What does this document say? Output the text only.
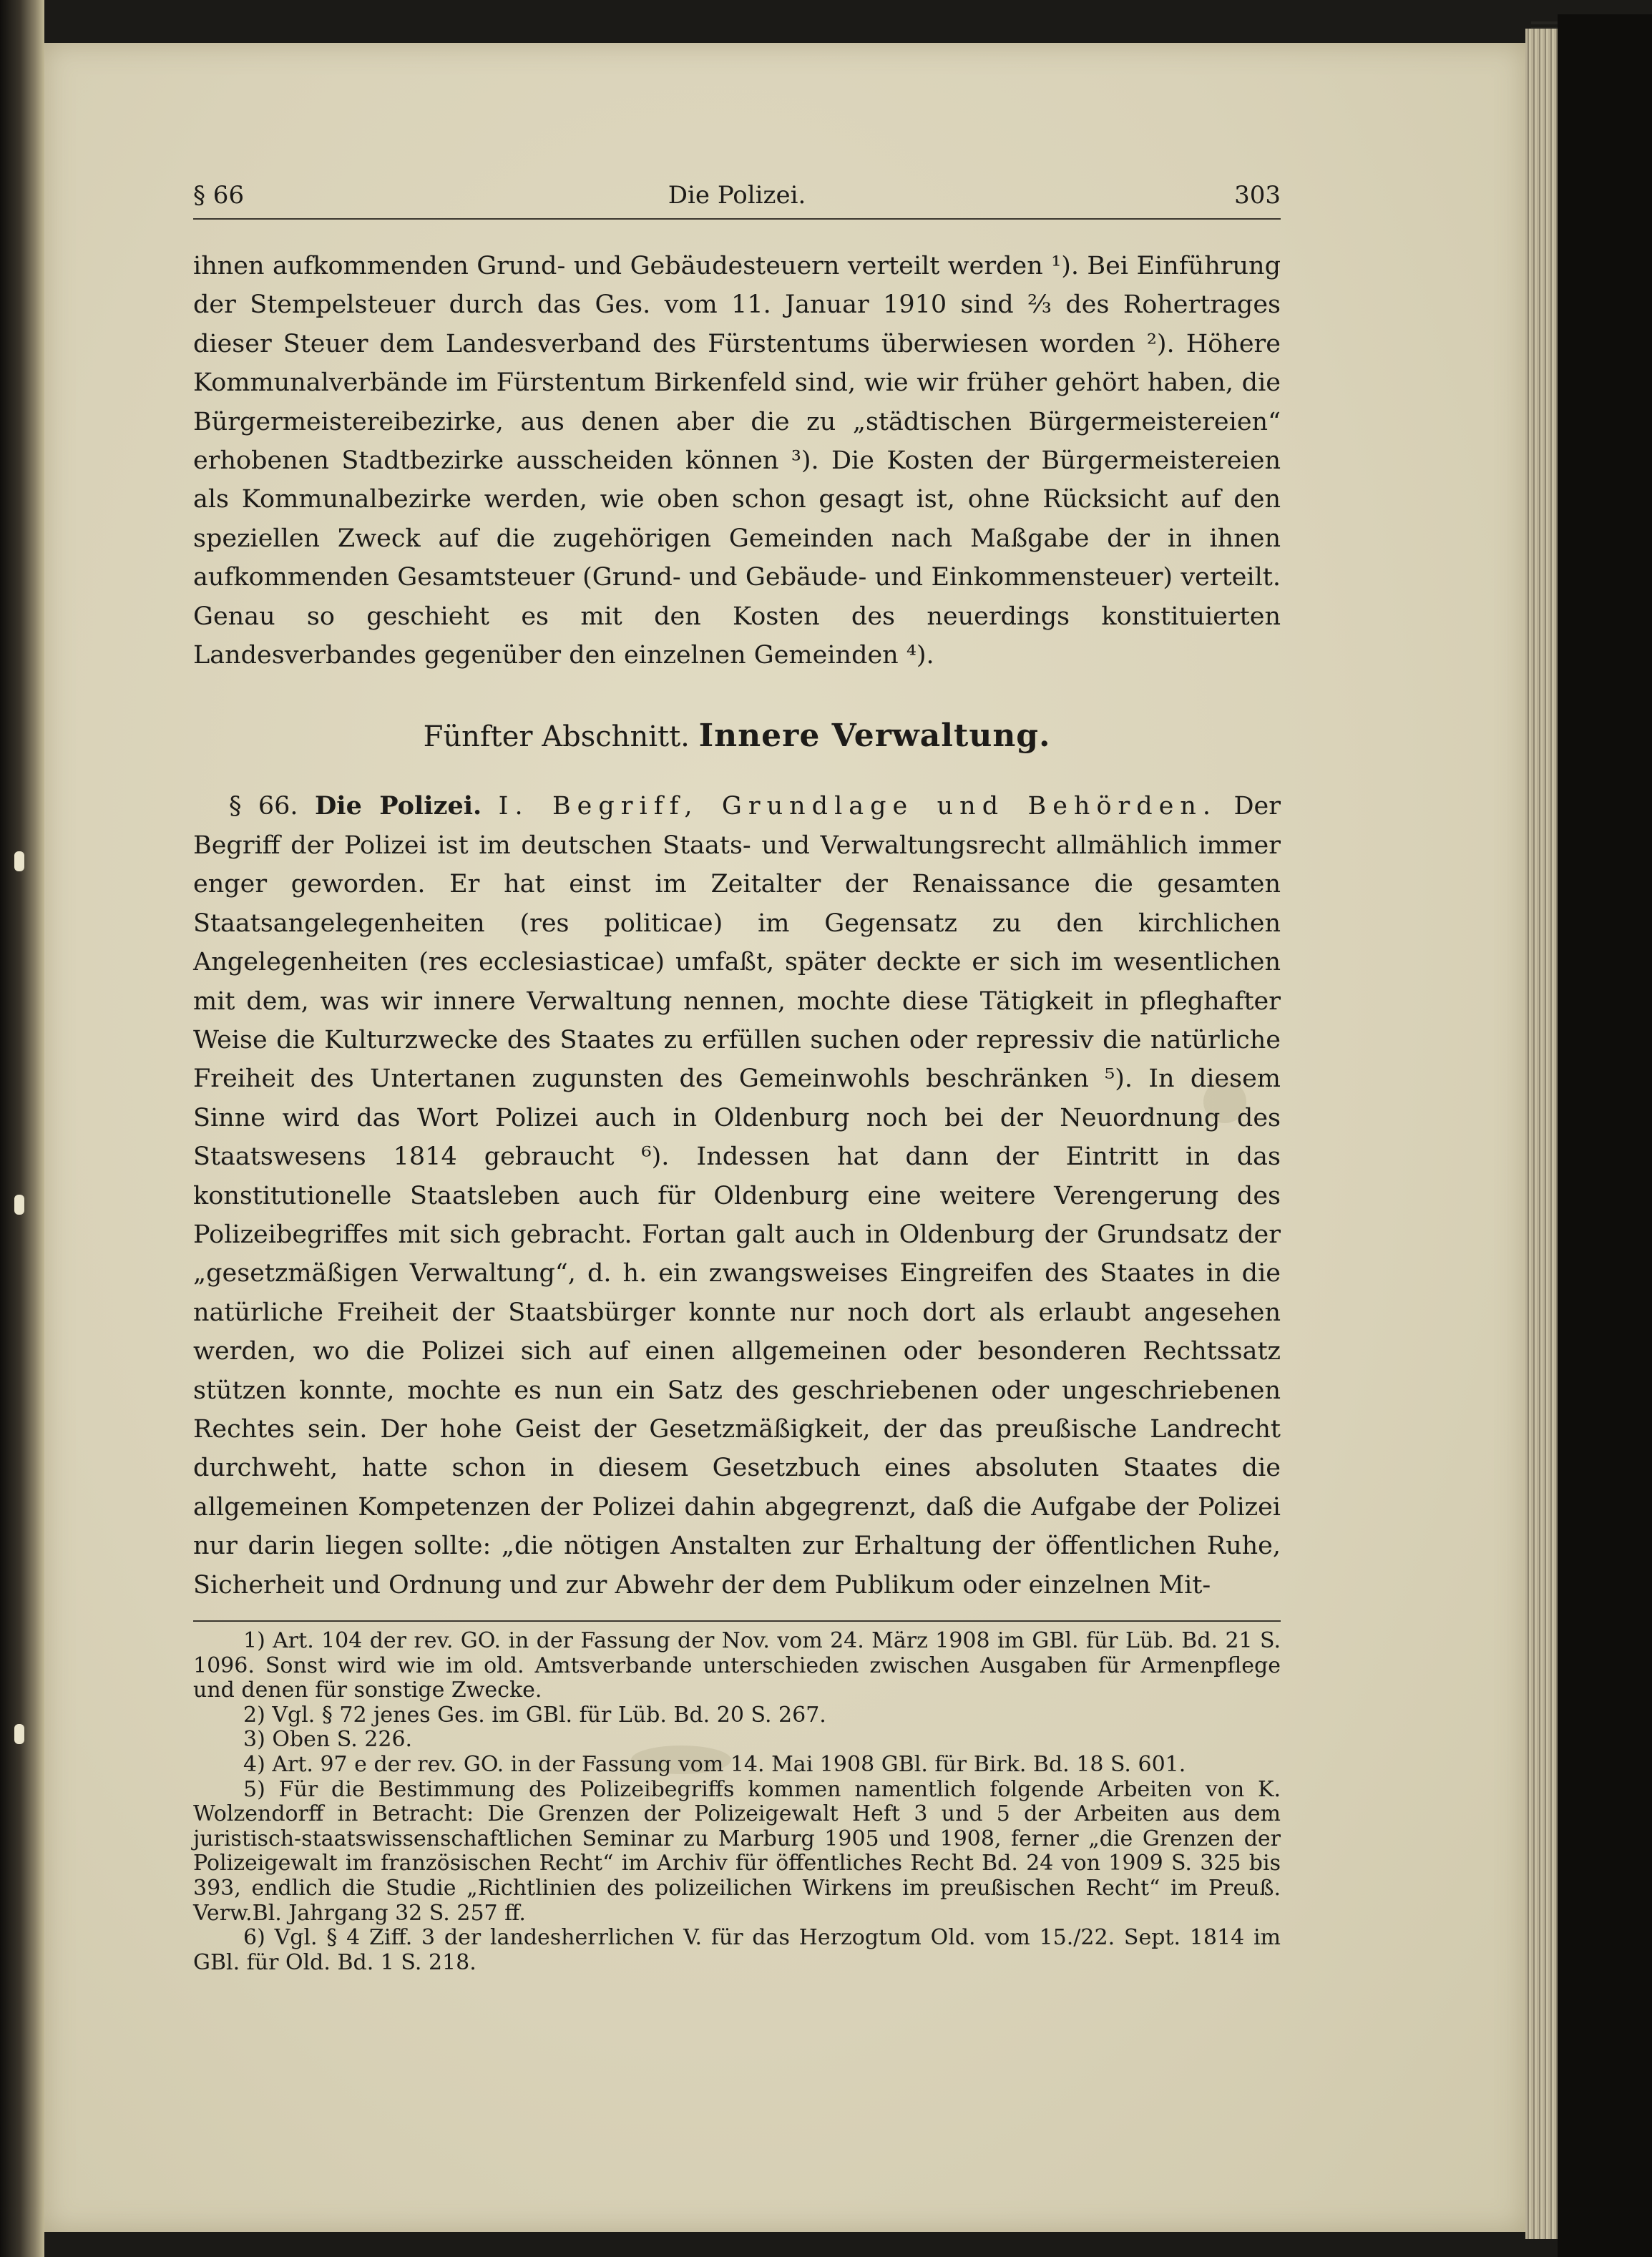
§ 66	Die Polizei.	303

ihnen aufkommenden Grund- und Gebäudesteuern verteilt werden ¹). Bei Einführung der Stempelsteuer durch das Ges. vom 11. Januar 1910 sind ⅔ des Rohertrages dieser Steuer dem Landesverband des Fürstentums überwiesen worden ²). Höhere Kommunalverbände im Fürstentum Birkenfeld sind, wie wir früher gehört haben, die Bürgermeistereibezirke, aus denen aber die zu „städtischen Bürgermeistereien“ erhobenen Stadtbezirke ausscheiden können ³). Die Kosten der Bürgermeistereien als Kommunalbezirke werden, wie oben schon gesagt ist, ohne Rücksicht auf den speziellen Zweck auf die zugehörigen Gemeinden nach Maßgabe der in ihnen aufkommenden Gesamtsteuer (Grund- und Gebäude- und Einkommensteuer) verteilt. Genau so geschieht es mit den Kosten des neuerdings konstituierten Landesverbandes gegenüber den einzelnen Gemeinden ⁴).

Fünfter Abschnitt. Innere Verwaltung.

§ 66. Die Polizei. I. Begriff, Grundlage und Behörden. Der Begriff der Polizei ist im deutschen Staats- und Verwaltungsrecht allmählich immer enger geworden. Er hat einst im Zeitalter der Renaissance die gesamten Staatsangelegenheiten (res politicae) im Gegensatz zu den kirchlichen Angelegenheiten (res ecclesiasticae) umfaßt, später deckte er sich im wesentlichen mit dem, was wir innere Verwaltung nennen, mochte diese Tätigkeit in pfleghafter Weise die Kulturzwecke des Staates zu erfüllen suchen oder repressiv die natürliche Freiheit des Untertanen zugunsten des Gemeinwohls beschränken ⁵). In diesem Sinne wird das Wort Polizei auch in Oldenburg noch bei der Neuordnung des Staatswesens 1814 gebraucht ⁶). Indessen hat dann der Eintritt in das konstitutionelle Staatsleben auch für Oldenburg eine weitere Verengerung des Polizeibegriffes mit sich gebracht. Fortan galt auch in Oldenburg der Grundsatz der „gesetzmäßigen Verwaltung“, d. h. ein zwangsweises Eingreifen des Staates in die natürliche Freiheit der Staatsbürger konnte nur noch dort als erlaubt angesehen werden, wo die Polizei sich auf einen allgemeinen oder besonderen Rechtssatz stützen konnte, mochte es nun ein Satz des geschriebenen oder ungeschriebenen Rechtes sein. Der hohe Geist der Gesetzmäßigkeit, der das preußische Landrecht durchweht, hatte schon in diesem Gesetzbuch eines absoluten Staates die allgemeinen Kompetenzen der Polizei dahin abgegrenzt, daß die Aufgabe der Polizei nur darin liegen sollte: „die nötigen Anstalten zur Erhaltung der öffentlichen Ruhe, Sicherheit und Ordnung und zur Abwehr der dem Publikum oder einzelnen Mit-

1) Art. 104 der rev. GO. in der Fassung der Nov. vom 24. März 1908 im GBl. für Lüb. Bd. 21 S. 1096. Sonst wird wie im old. Amtsverbande unterschieden zwischen Ausgaben für Armenpflege und denen für sonstige Zwecke.

2) Vgl. § 72 jenes Ges. im GBl. für Lüb. Bd. 20 S. 267.

3) Oben S. 226.

4) Art. 97 e der rev. GO. in der Fassung vom 14. Mai 1908 GBl. für Birk. Bd. 18 S. 601.

5) Für die Bestimmung des Polizeibegriffs kommen namentlich folgende Arbeiten von K. Wolzendorff in Betracht: Die Grenzen der Polizeigewalt Heft 3 und 5 der Arbeiten aus dem juristisch-staatswissenschaftlichen Seminar zu Marburg 1905 und 1908, ferner „die Grenzen der Polizeigewalt im französischen Recht“ im Archiv für öffentliches Recht Bd. 24 von 1909 S. 325 bis 393, endlich die Studie „Richtlinien des polizeilichen Wirkens im preußischen Recht“ im Preuß. Verw.Bl. Jahrgang 32 S. 257 ff.

6) Vgl. § 4 Ziff. 3 der landesherrlichen V. für das Herzogtum Old. vom 15./22. Sept. 1814 im GBl. für Old. Bd. 1 S. 218.
